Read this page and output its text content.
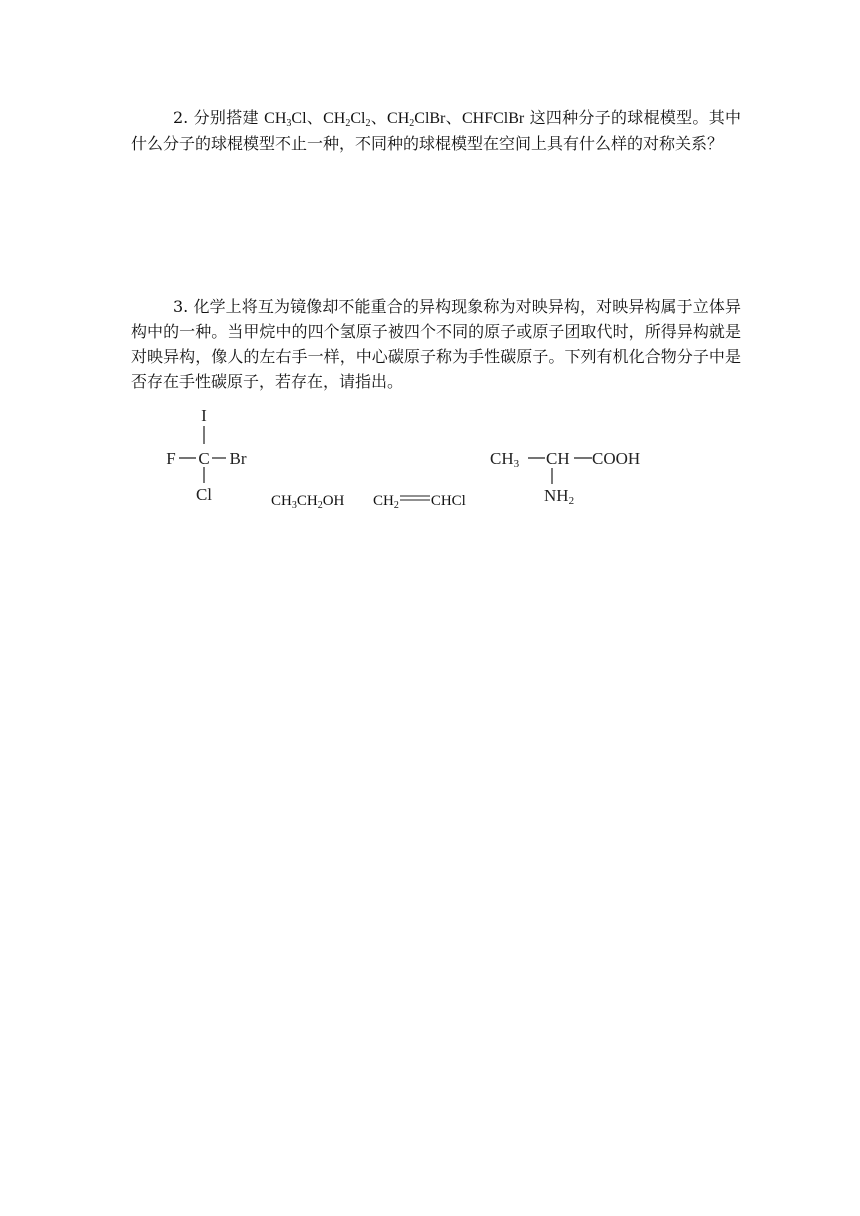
2. 分别搭建 $CH_3Cl$、$CH_2Cl_2$、$CH_2ClBr$、CHFClBr 这四种分子的球棍模型。其中什么分子的球棍模型不止一种，不同种的球棍模型在空间上具有什么样的对称关系？

3. 化学上将互为镜像却不能重合的异构现象称为对映异构，对映异构属于立体异构中的一种。当甲烷中的四个氢原子被四个不同的原子或原子团取代时，所得异构就是对映异构，像人的左右手一样，中心碳原子称为手性碳原子。下列有机化合物分子中是否存在手性碳原子，若存在，请指出。

I
F C Br
Cl	$CH_3CH_2OH$ $CH_2$ CHCl
CH3 CH COOH
NH2
